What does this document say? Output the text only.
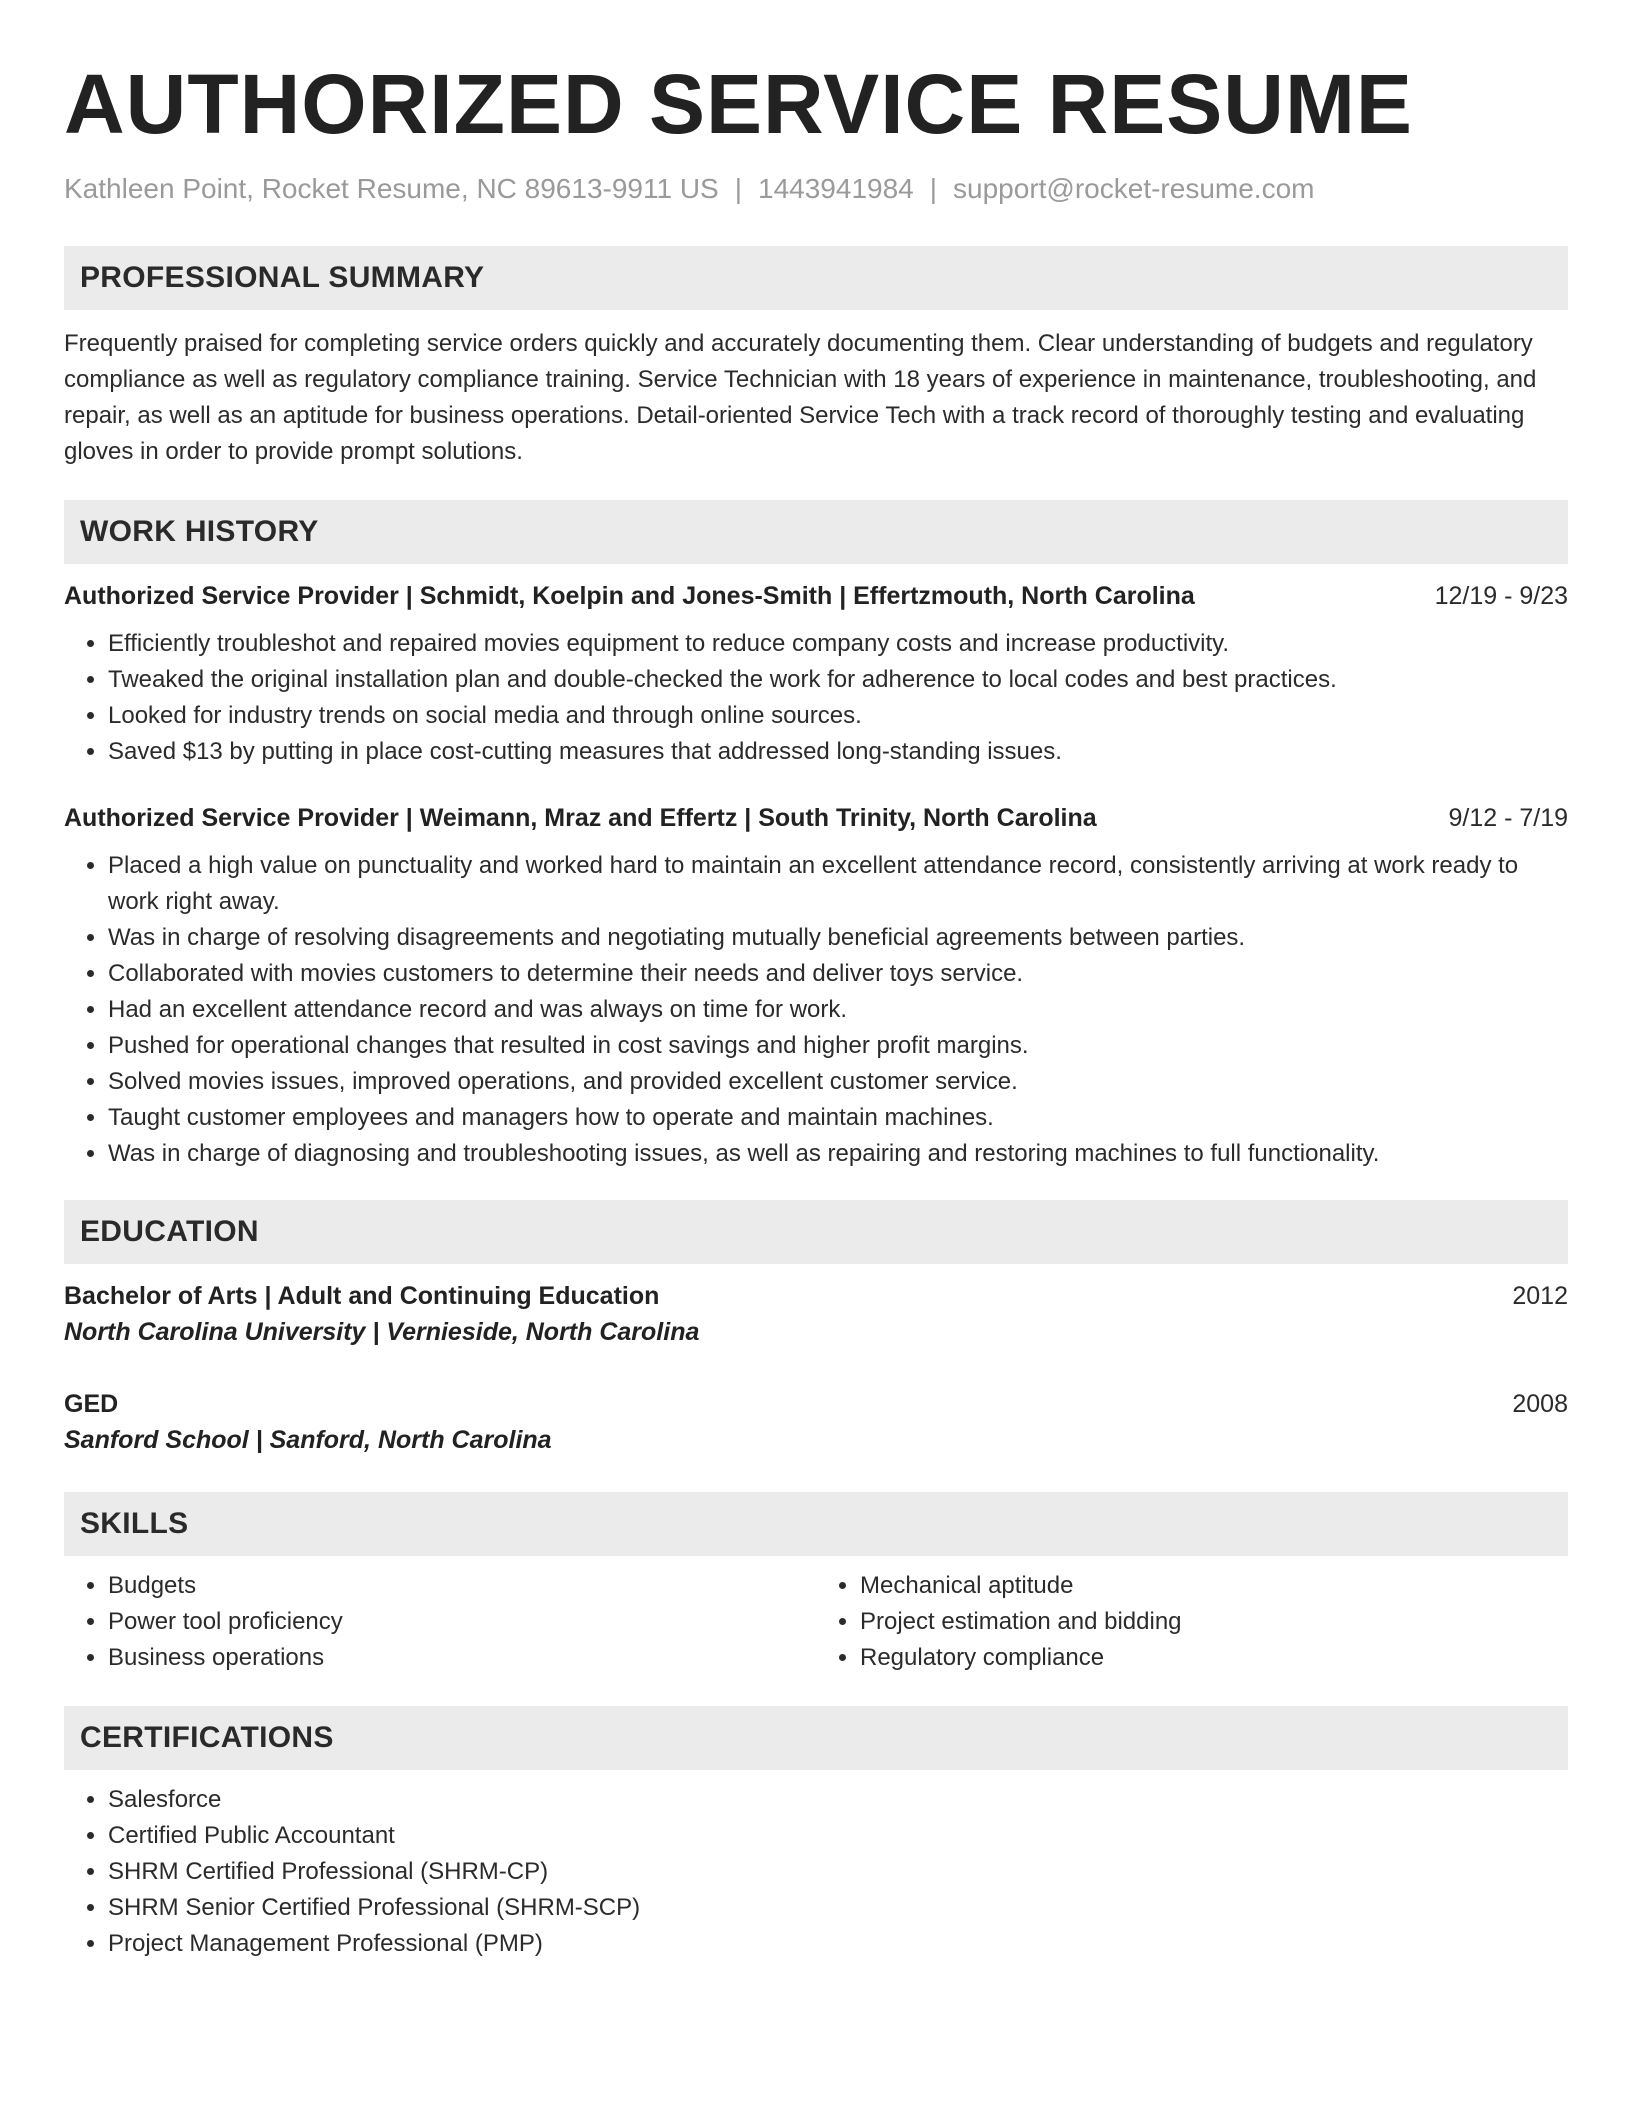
AUTHORIZED SERVICE RESUME
Kathleen Point, Rocket Resume, NC 89613-9911 US | 1443941984 | support@rocket-resume.com
PROFESSIONAL SUMMARY

Frequently praised for completing service orders quickly and accurately documenting them. Clear understanding of budgets and regulatory compliance as well as regulatory compliance training. Service Technician with 18 years of experience in maintenance, troubleshooting, and repair, as well as an aptitude for business operations. Detail-oriented Service Tech with a track record of thoroughly testing and evaluating gloves in order to provide prompt solutions.

WORK HISTORY
Authorized Service Provider | Schmidt, Koelpin and Jones-Smith | Effertzmouth, North Carolina	12/19 - 9/23
• Efficiently troubleshot and repaired movies equipment to reduce company costs and increase productivity.
• Tweaked the original installation plan and double-checked the work for adherence to local codes and best practices.
• Looked for industry trends on social media and through online sources.
• Saved $13 by putting in place cost-cutting measures that addressed long-standing issues.
Authorized Service Provider | Weimann, Mraz and Effertz | South Trinity, North Carolina	9/12 - 7/19
• Placed a high value on punctuality and worked hard to maintain an excellent attendance record, consistently arriving at work ready to work right away.
• Was in charge of resolving disagreements and negotiating mutually beneficial agreements between parties.
• Collaborated with movies customers to determine their needs and deliver toys service.
• Had an excellent attendance record and was always on time for work.
• Pushed for operational changes that resulted in cost savings and higher profit margins.
• Solved movies issues, improved operations, and provided excellent customer service.
• Taught customer employees and managers how to operate and maintain machines.
• Was in charge of diagnosing and troubleshooting issues, as well as repairing and restoring machines to full functionality.
EDUCATION
Bachelor of Arts | Adult and Continuing Education	2012
North Carolina University | Vernieside, North Carolina
GED	2008
Sanford School | Sanford, North Carolina
SKILLS
• Budgets
• Power tool proficiency
• Business operations
• Mechanical aptitude
• Project estimation and bidding
• Regulatory compliance
CERTIFICATIONS
• Salesforce
• Certified Public Accountant
• SHRM Certified Professional (SHRM-CP)
• SHRM Senior Certified Professional (SHRM-SCP)
• Project Management Professional (PMP)
